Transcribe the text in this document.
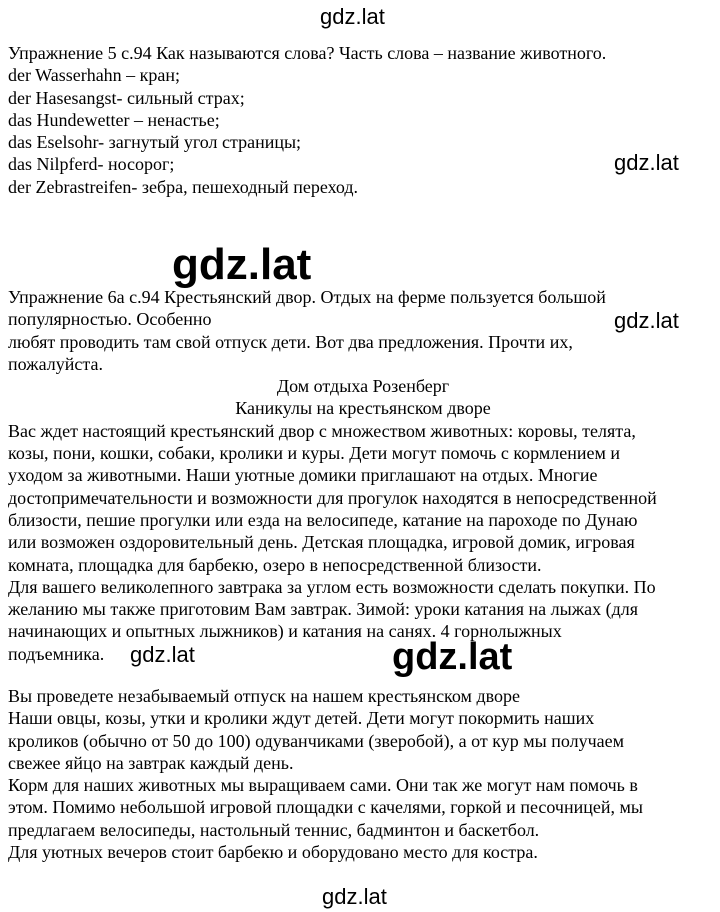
gdz.lat
gdz.lat
gdz.lat
gdz.lat
gdz.lat	gdz.lat
gdz.lat
Упражнение 5 с.94 Как называются слова? Часть слова – название животного.
der Wasserhahn – кран;
der Hasesangst- сильный страх;
das Hundewetter – ненастье;
das Eselsohr- загнутый угол страницы;
das Nilpferd- носорог;
der Zebrastreifen- зебра, пешеходный переход.
Упражнение 6а с.94 Крестьянский двор. Отдых на ферме пользуется большой
популярностью. Особенно
любят проводить там свой отпуск дети. Вот два предложения. Прочти их,
пожалуйста.
Дом отдыха Розенберг
Каникулы на крестьянском дворе
Вас ждет настоящий крестьянский двор с множеством животных: коровы, телята,
козы, пони, кошки, собаки, кролики и куры. Дети могут помочь с кормлением и
уходом за животными. Наши уютные домики приглашают на отдых. Многие
достопримечательности и возможности для прогулок находятся в непосредственной
близости, пешие прогулки или езда на велосипеде, катание на пароходе по Дунаю
или возможен оздоровительный день. Детская площадка, игровой домик, игровая
комната, площадка для барбекю, озеро в непосредственной близости.
Для вашего великолепного завтрака за углом есть возможности сделать покупки. По
желанию мы также приготовим Вам завтрак. Зимой: уроки катания на лыжах (для
начинающих и опытных лыжников) и катания на санях. 4 горнолыжных
подъемника.
Вы проведете незабываемый отпуск на нашем крестьянском дворе
Наши овцы, козы, утки и кролики ждут детей. Дети могут покормить наших
кроликов (обычно от 50 до 100) одуванчиками (зверобой), а от кур мы получаем
свежее яйцо на завтрак каждый день.
Корм для наших животных мы выращиваем сами. Они так же могут нам помочь в
этом. Помимо небольшой игровой площадки с качелями, горкой и песочницей, мы
предлагаем велосипеды, настольный теннис, бадминтон и баскетбол.
Для уютных вечеров стоит барбекю и оборудовано место для костра.
